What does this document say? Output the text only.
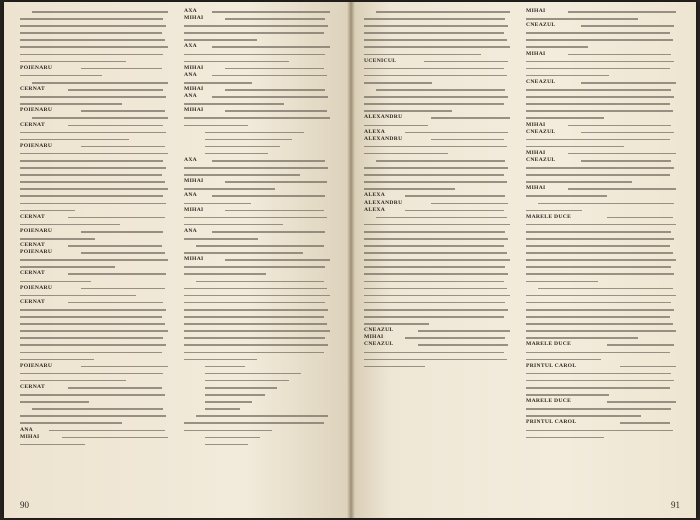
POIENARU
CERNAT
POIENARU
CERNAT
POIENARU
CERNAT
POIENARU
CERNAT
POIENARU
CERNAT
POIENARU
CERNAT
POIENARU
CERNAT
ANA
MIHAI
AXA
MIHAI
AXA
MIHAI
ANA
MIHAI
ANA
MIHAI
AXA
MIHAI
ANA
MIHAI
ANA
MIHAI
90
UCENICUL
ALEXANDRU
ALEXA
ALEXANDRU
ALEXA
ALEXANDRU
ALEXA
CNEAZUL
MIHAI
CNEAZUL
MIHAI
CNEAZUL
MIHAI
CNEAZUL
MIHAI
CNEAZUL
MIHAI
CNEAZUL
MIHAI
MARELE DUCE
MARELE DUCE
PRINTUL CAROL
MARELE DUCE
PRINTUL CAROL
91
